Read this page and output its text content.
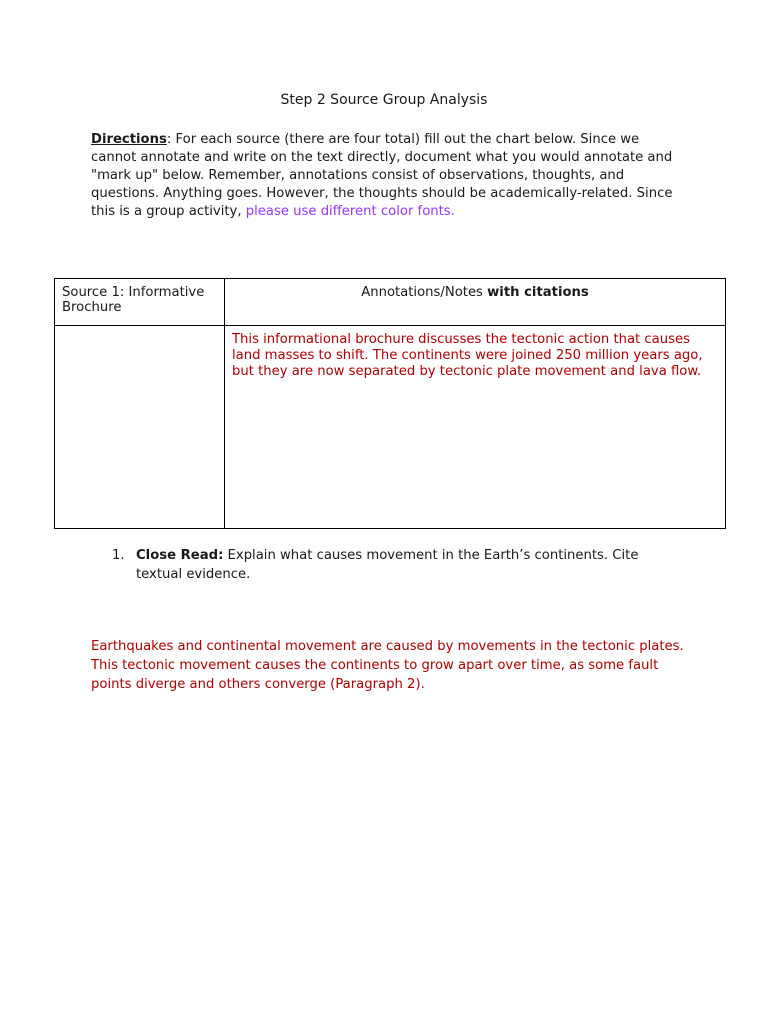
Step 2 Source Group Analysis
Directions: For each source (there are four total) fill out the chart below. Since we cannot annotate and write on the text directly, document what you would annotate and "mark up" below. Remember, annotations consist of observations, thoughts, and questions. Anything goes. However, the thoughts should be academically-related. Since this is a group activity, please use different color fonts.
Source 1: Informative Brochure	Annotations/Notes with citations
	This informational brochure discusses the tectonic action that causes land masses to shift. The continents were joined 250 million years ago, but they are now separated by tectonic plate movement and lava flow.
1. Close Read: Explain what causes movement in the Earth’s continents. Cite textual evidence.
Earthquakes and continental movement are caused by movements in the tectonic plates. This tectonic movement causes the continents to grow apart over time, as some fault points diverge and others converge (Paragraph 2).
